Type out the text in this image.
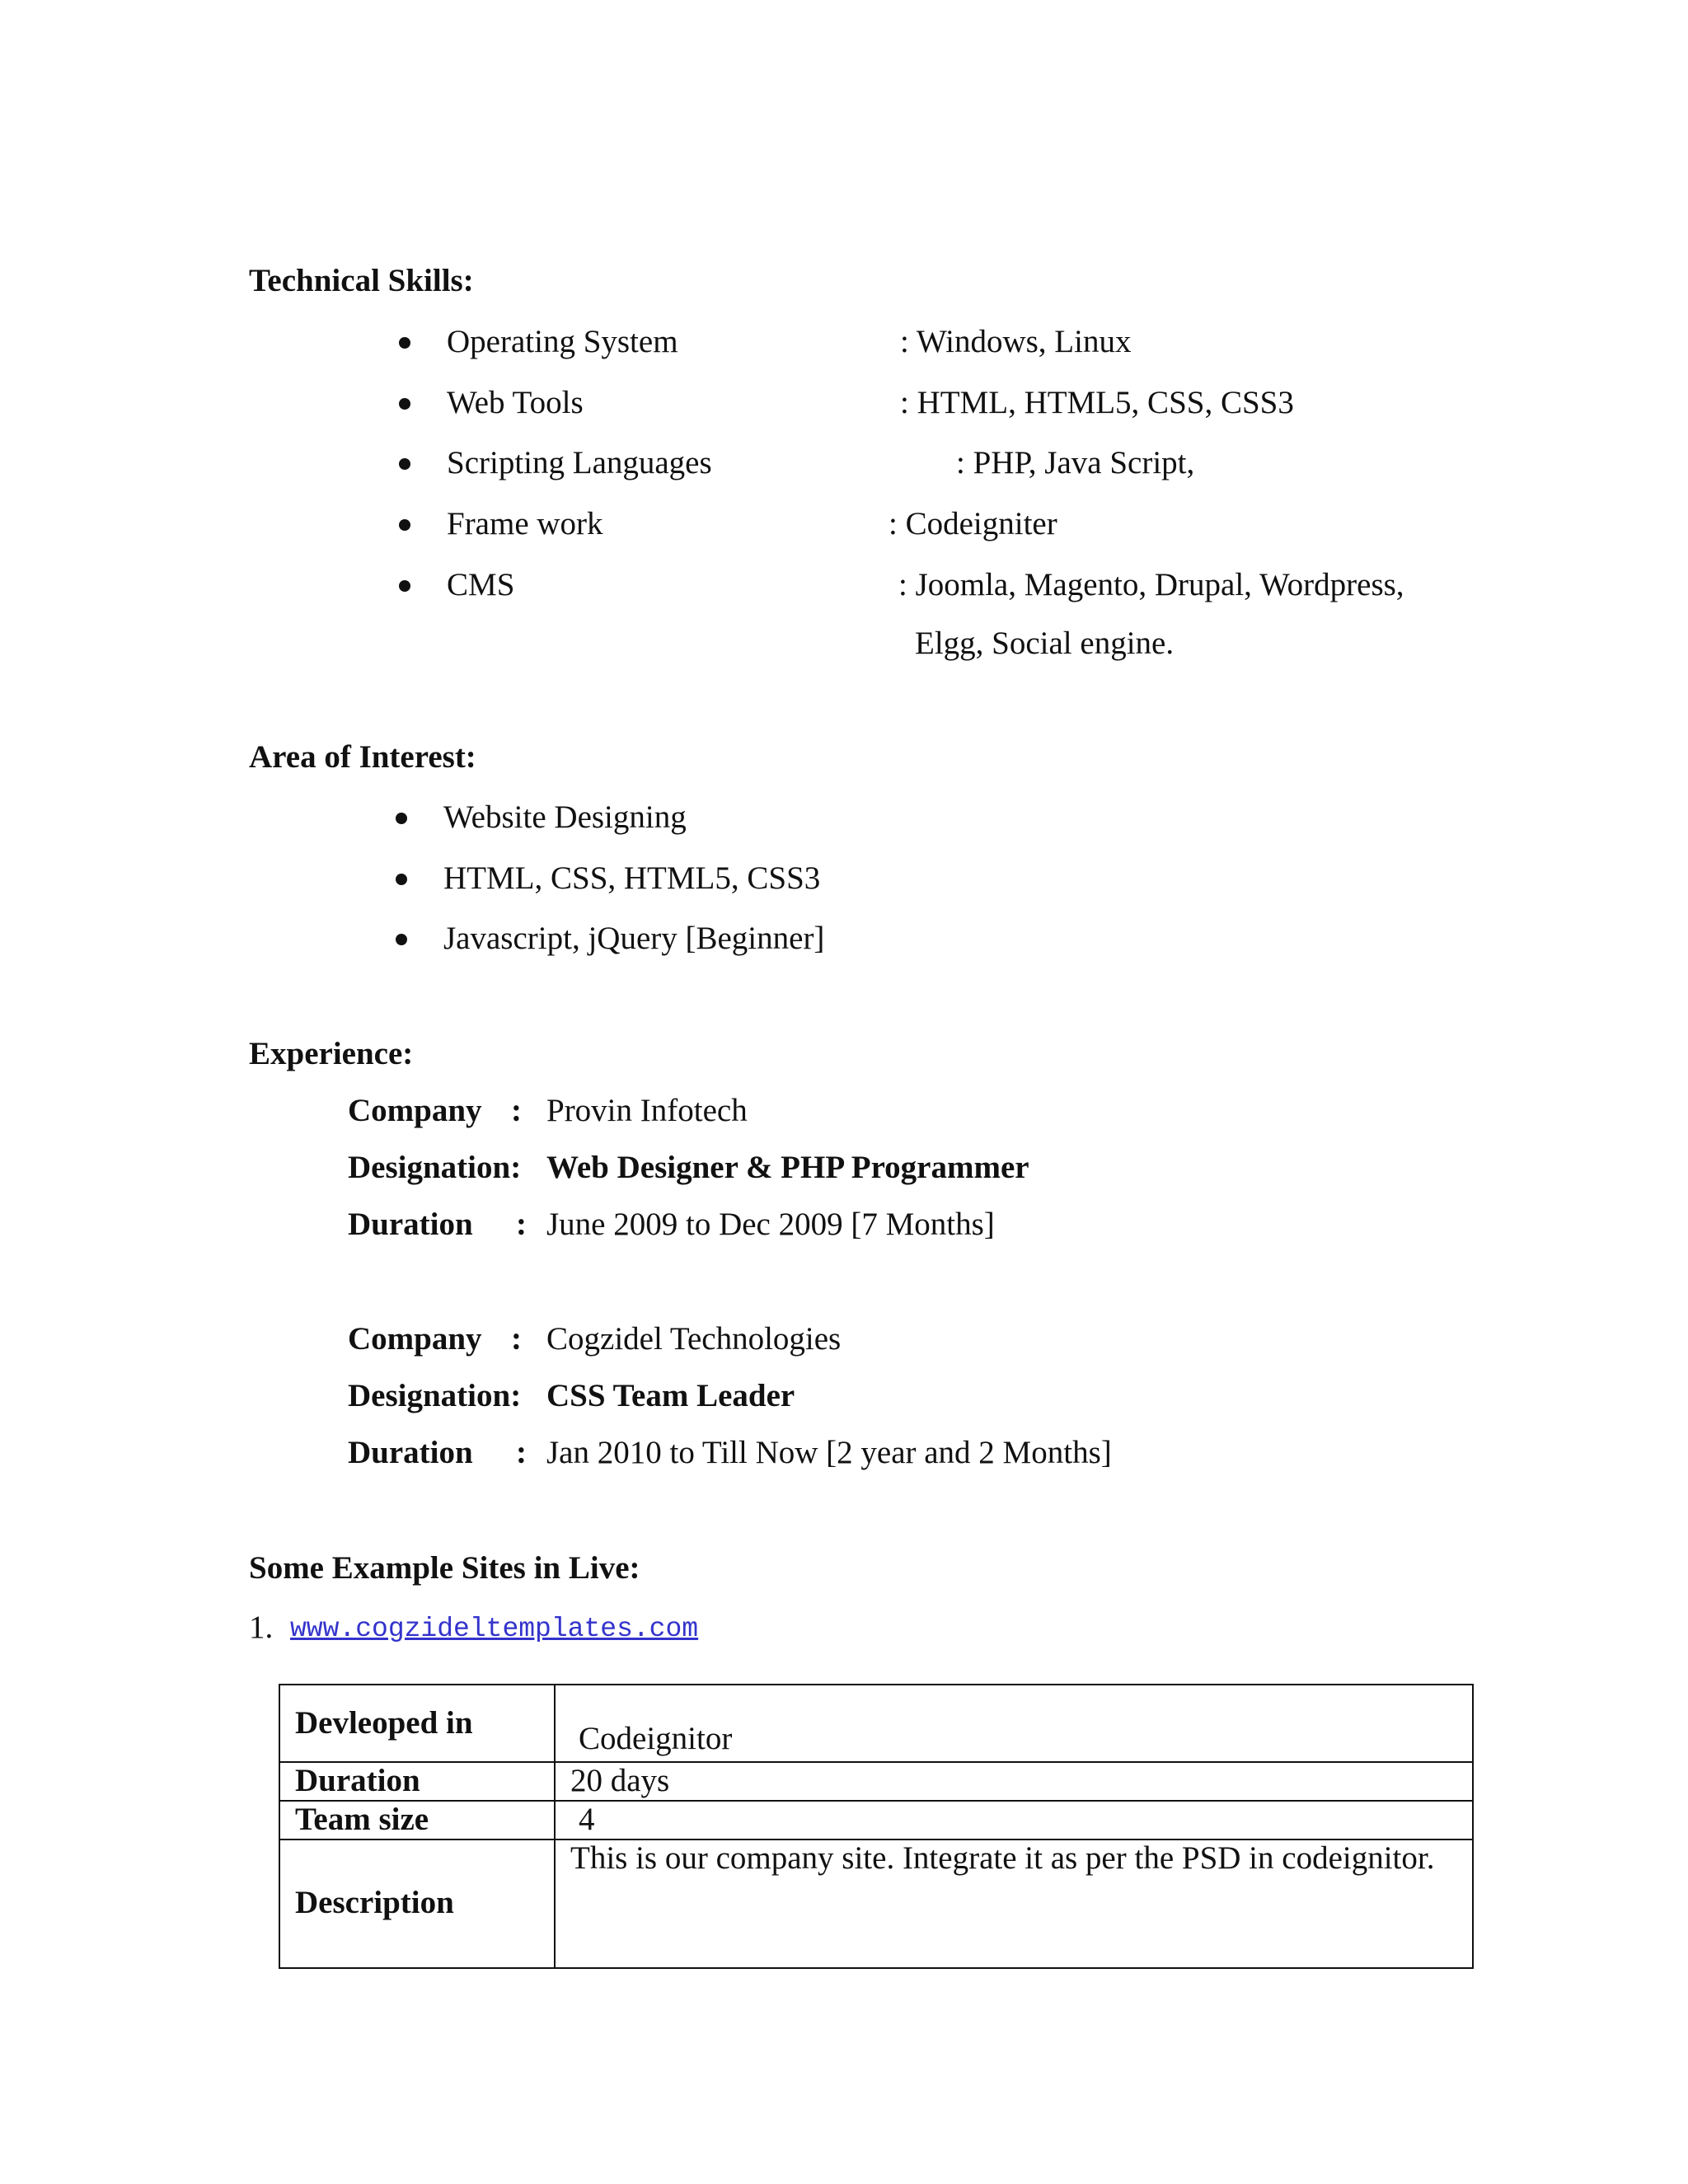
Technical Skills:
Operating System	: Windows, Linux
Web Tools	: HTML, HTML5, CSS, CSS3
Scripting Languages	: PHP, Java Script,
Frame work	: Codeigniter
CMS	: Joomla, Magento, Drupal, Wordpress,
Elgg, Social engine.
Area of Interest:
Website Designing
HTML, CSS, HTML5, CSS3
Javascript, jQuery [Beginner]
Experience:
Company : Provin Infotech
Designation: Web Designer & PHP Programmer
Duration : June 2009 to Dec 2009 [7 Months]
Company : Cogzidel Technologies
Designation: CSS Team Leader
Duration : Jan 2010 to Till Now [2 year and 2 Months]
Some Example Sites in Live:
1. www.cogzideltemplates.com
Devleoped in	Codeignitor
Duration	20 days
Team size	4
Description	This is our company site. Integrate it as per the PSD in codeignitor.
